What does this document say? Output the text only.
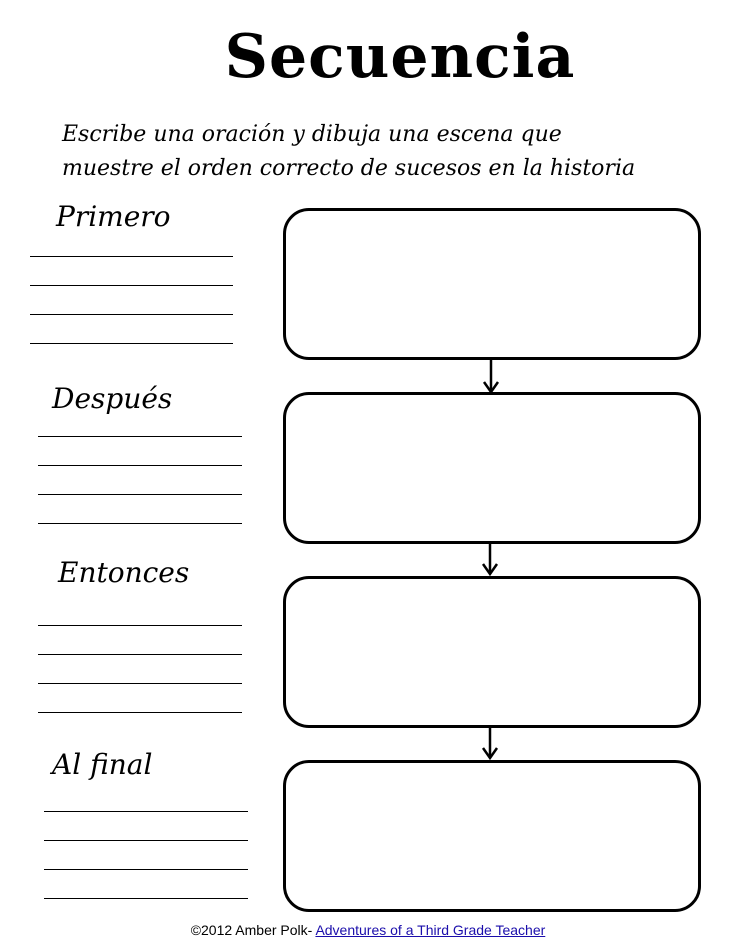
Secuencia

Escribe una oración y dibuja una escena que
muestre el orden correcto de sucesos en la historia

Primero
Después
Entonces
Al final
©2012 Amber Polk- Adventures of a Third Grade Teacher
